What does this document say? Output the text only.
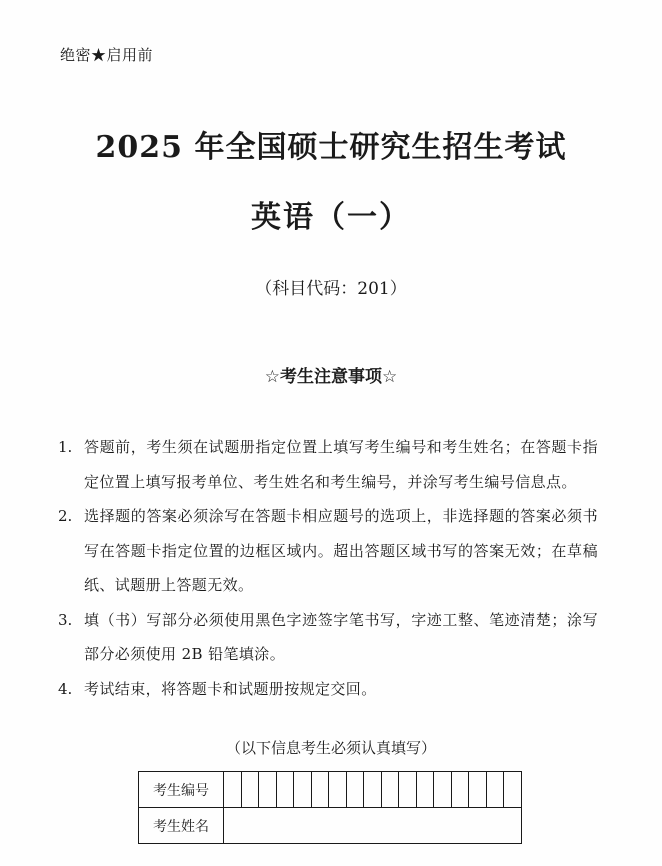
绝密★启用前
2025 年全国硕士研究生招生考试
英语（一）
（科目代码：201）
☆考生注意事项☆
1. 答题前，考生须在试题册指定位置上填写考生编号和考生姓名；在答题卡指定位置上填写报考单位、考生姓名和考生编号，并涂写考生编号信息点。
2. 选择题的答案必须涂写在答题卡相应题号的选项上，非选择题的答案必须书写在答题卡指定位置的边框区域内。超出答题区域书写的答案无效；在草稿纸、试题册上答题无效。
3. 填（书）写部分必须使用黑色字迹签字笔书写，字迹工整、笔迹清楚；涂写部分必须使用 2B 铅笔填涂。
4. 考试结束，将答题卡和试题册按规定交回。
（以下信息考生必须认真填写）
考生编号																	
考生姓名																	
